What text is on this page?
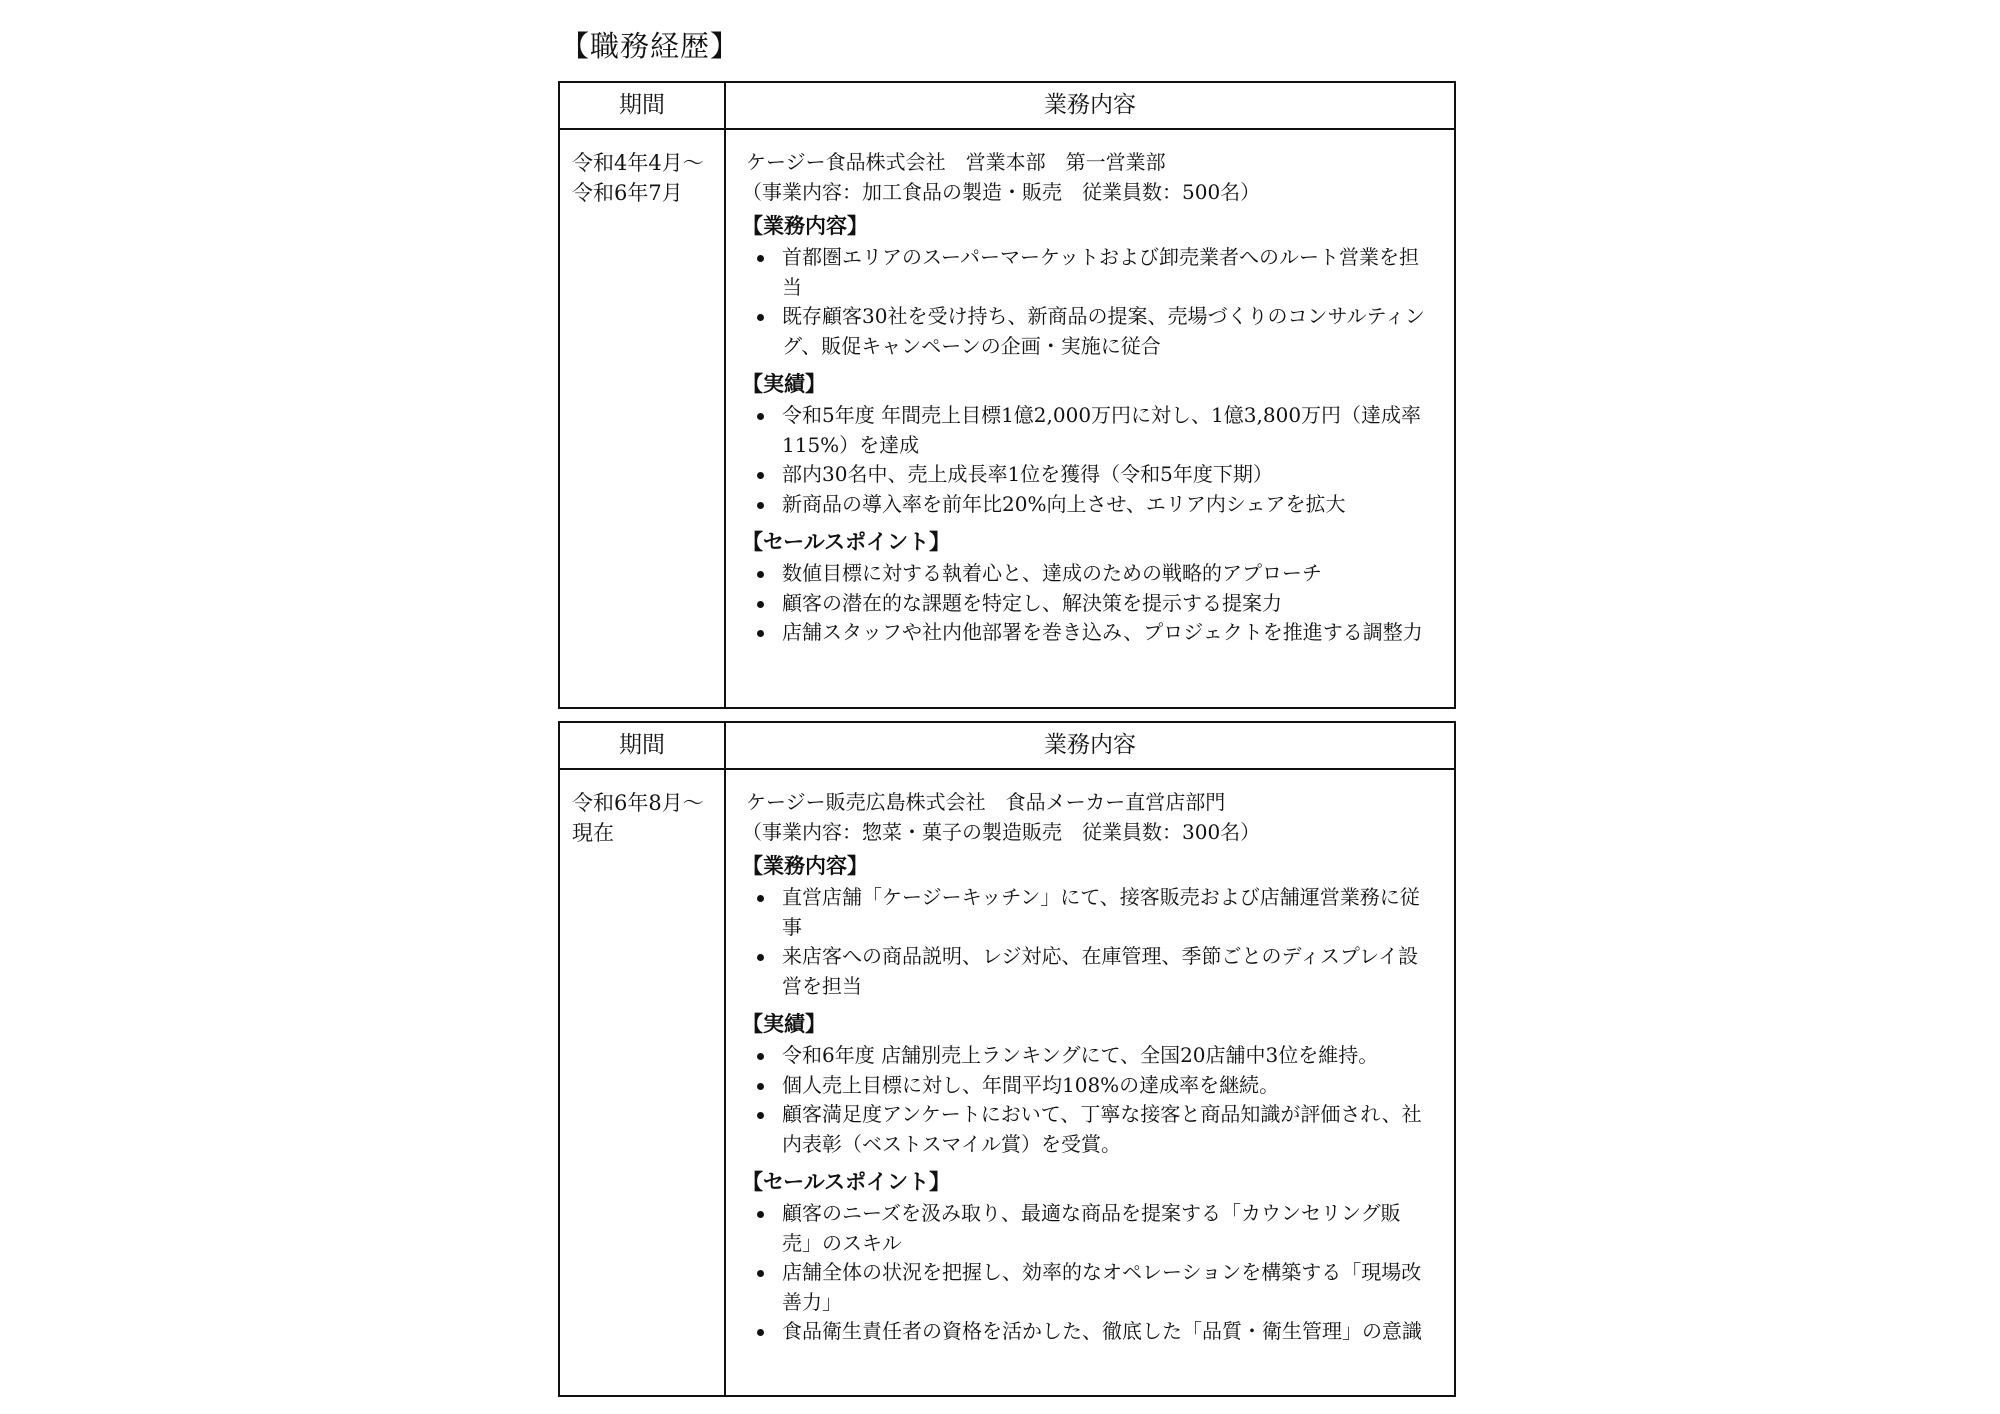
【職務経歴】
期間	業務内容
令和4年4月～
令和6年7月
ケージー食品株式会社　営業本部　第一営業部
（事業内容：加工食品の製造・販売　従業員数：500名）
【業務内容】
首都圏エリアのスーパーマーケットおよび卸売業者へのルート営業を担当
既存顧客30社を受け持ち、新商品の提案、売場づくりのコンサルティング、販促キャンペーンの企画・実施に従合
【実績】
令和5年度 年間売上目標1億2,000万円に対し、1億3,800万円（達成率115%）を達成
部内30名中、売上成長率1位を獲得（令和5年度下期）
新商品の導入率を前年比20%向上させ、エリア内シェアを拡大
【セールスポイント】
数値目標に対する執着心と、達成のための戦略的アプローチ
顧客の潜在的な課題を特定し、解決策を提示する提案力
店舗スタッフや社内他部署を巻き込み、プロジェクトを推進する調整力
期間	業務内容
令和6年8月～
現在
ケージー販売広島株式会社　食品メーカー直営店部門
（事業内容：惣菜・菓子の製造販売　従業員数：300名）
【業務内容】
直営店舗「ケージーキッチン」にて、接客販売および店舗運営業務に従事
来店客への商品説明、レジ対応、在庫管理、季節ごとのディスプレイ設営を担当
【実績】
令和6年度 店舗別売上ランキングにて、全国20店舗中3位を維持。
個人売上目標に対し、年間平均108%の達成率を継続。
顧客満足度アンケートにおいて、丁寧な接客と商品知識が評価され、社内表彰（ベストスマイル賞）を受賞。
【セールスポイント】
顧客のニーズを汲み取り、最適な商品を提案する「カウンセリング販売」のスキル
店舗全体の状況を把握し、効率的なオペレーションを構築する「現場改善力」
食品衛生責任者の資格を活かした、徹底した「品質・衛生管理」の意識
